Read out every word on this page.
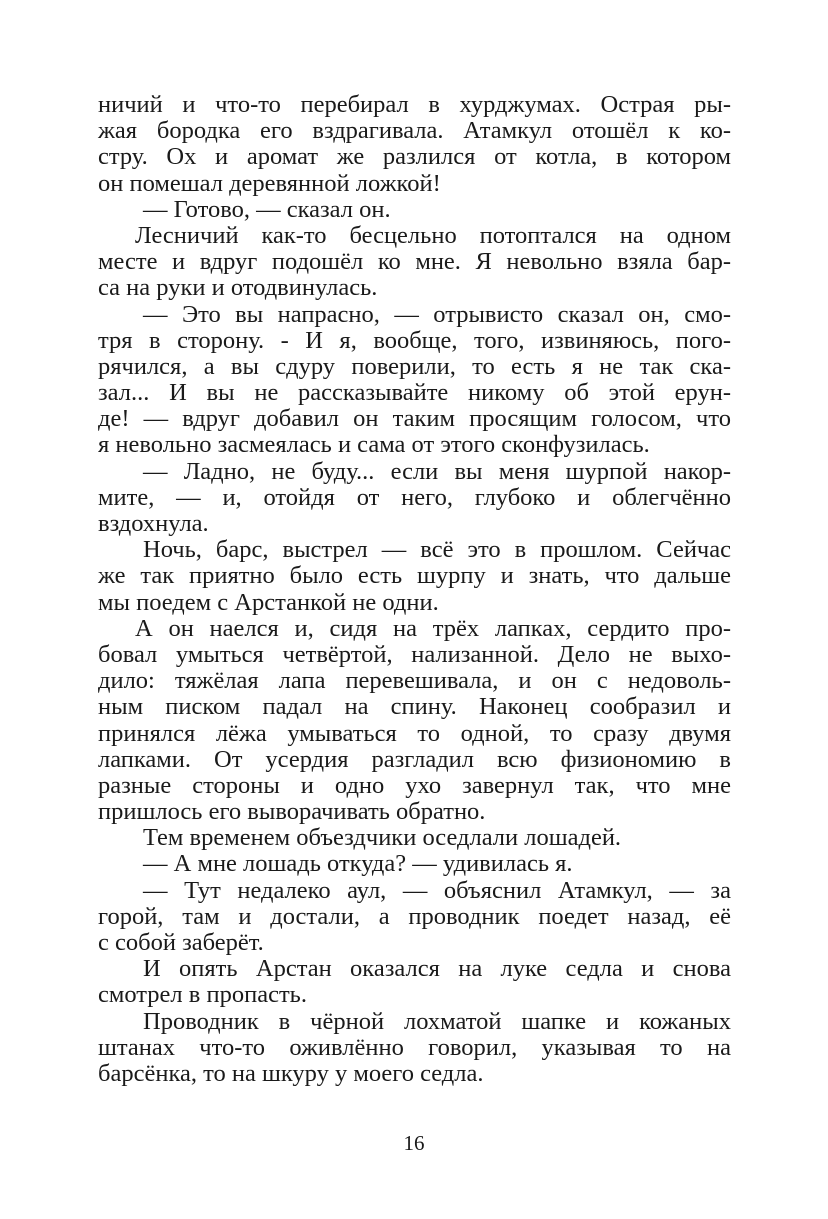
ничий и что-то перебирал в хурджумах. Острая ры-
жая бородка его вздрагивала. Атамкул отошёл к ко-
стру. Ох и аромат же разлился от котла, в котором
он помешал деревянной ложкой!
— Готово, — сказал он.
Лесничий как-то бесцельно потоптался на одном
месте и вдруг подошёл ко мне. Я невольно взяла бар-
са на руки и отодвинулась.
— Это вы напрасно, — отрывисто сказал он, смо-
тря в сторону. - И я, вообще, того, извиняюсь, пого-
рячился, а вы сдуру поверили, то есть я не так ска-
зал... И вы не рассказывайте никому об этой ерун-
де! — вдруг добавил он таким просящим голосом, что
я невольно засмеялась и сама от этого сконфузилась.
— Ладно, не буду... если вы меня шурпой накор-
мите, — и, отойдя от него, глубоко и облегчённо
вздохнула.
Ночь, барс, выстрел — всё это в прошлом. Сейчас
же так приятно было есть шурпу и знать, что дальше
мы поедем с Арстанкой не одни.
А он наелся и, сидя на трёх лапках, сердито про-
бовал умыться четвёртой, нализанной. Дело не выхо-
дило: тяжёлая лапа перевешивала, и он с недоволь-
ным писком падал на спину. Наконец сообразил и
принялся лёжа умываться то одной, то сразу двумя
лапками. От усердия разгладил всю физиономию в
разные стороны и одно ухо завернул так, что мне
пришлось его выворачивать обратно.
Тем временем объездчики оседлали лошадей.
— А мне лошадь откуда? — удивилась я.
— Тут недалеко аул, — объяснил Атамкул, — за
горой, там и достали, а проводник поедет назад, её
с собой заберёт.
И опять Арстан оказался на луке седла и снова
смотрел в пропасть.
Проводник в чёрной лохматой шапке и кожаных
штанах что-то оживлённо говорил, указывая то на
барсёнка, то на шкуру у моего седла.
16
